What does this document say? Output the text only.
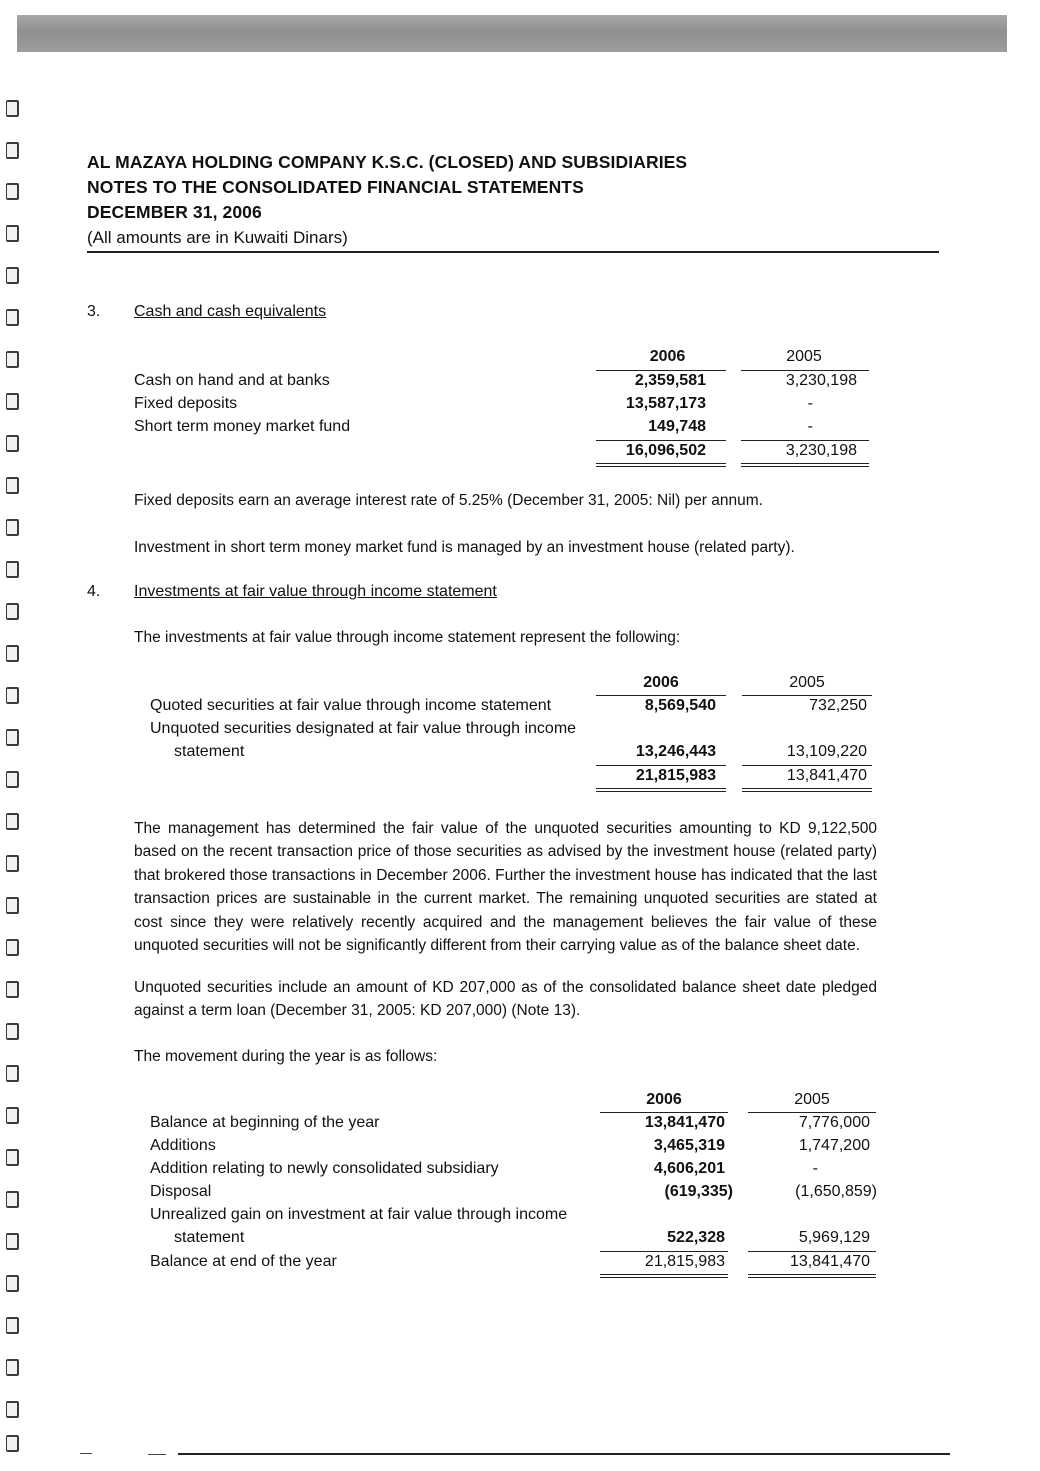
AL MAZAYA HOLDING COMPANY K.S.C. (CLOSED) AND SUBSIDIARIES
NOTES TO THE CONSOLIDATED FINANCIAL STATEMENTS
DECEMBER 31, 2006
(All amounts are in Kuwaiti Dinars)
3. Cash and cash equivalents
2006	2005
Cash on hand and at banks	2,359,581	3,230,198
Fixed deposits	13,587,173	-
Short term money market fund	149,748	-
16,096,502	3,230,198
Fixed deposits earn an average interest rate of 5.25% (December 31, 2005: Nil) per annum.
Investment in short term money market fund is managed by an investment house (related party).
4. Investments at fair value through income statement
The investments at fair value through income statement represent the following:
2006	2005
Quoted securities at fair value through income statement	8,569,540	732,250
Unquoted securities designated at fair value through income
statement	13,246,443	13,109,220
21,815,983	13,841,470
The management has determined the fair value of the unquoted securities amounting to KD 9,122,500 based on the recent transaction price of those securities as advised by the investment house (related party) that brokered those transactions in December 2006. Further the investment house has indicated that the last transaction prices are sustainable in the current market. The remaining unquoted securities are stated at cost since they were relatively recently acquired and the management believes the fair value of these unquoted securities will not be significantly different from their carrying value as of the balance sheet date.
Unquoted securities include an amount of KD 207,000 as of the consolidated balance sheet date pledged against a term loan (December 31, 2005: KD 207,000) (Note 13).
The movement during the year is as follows:
2006	2005
Balance at beginning of the year	13,841,470	7,776,000
Additions	3,465,319	1,747,200
Addition relating to newly consolidated subsidiary	4,606,201	-
Disposal	(619,335)	(1,650,859)
Unrealized gain on investment at fair value through income
statement	522,328	5,969,129
Balance at end of the year	21,815,983	13,841,470
